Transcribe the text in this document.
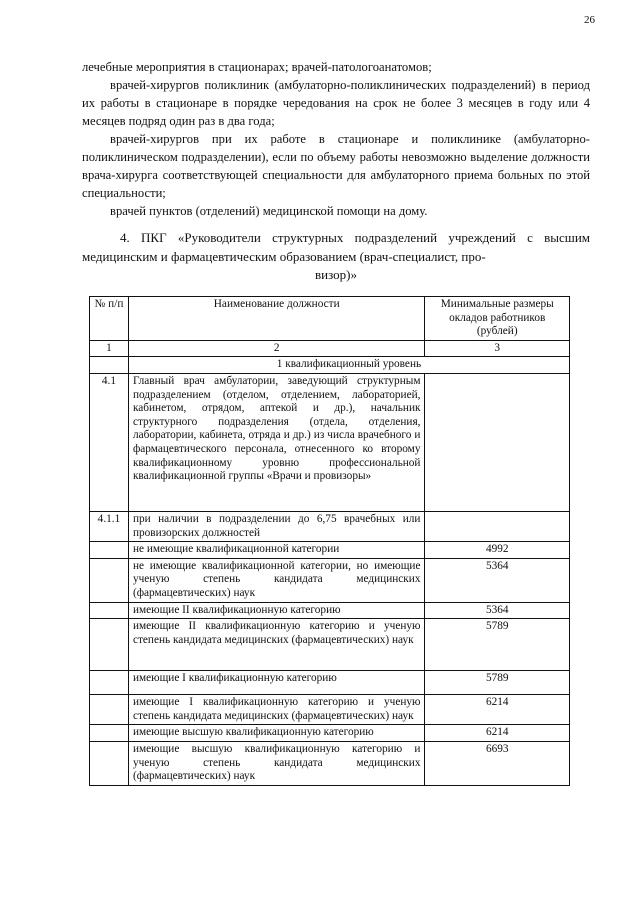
26

лечебные мероприятия в стационарах; врачей-патологоанатомов;

врачей-хирургов поликлиник (амбулаторно-поликлинических подразделений) в период их работы в стационаре в порядке чередования на срок не более 3 месяцев в году или 4 месяцев подряд один раз в два года;

врачей-хирургов при их работе в стационаре и поликлинике (амбулаторно-поликлиническом подразделении), если по объему работы невозможно выделение должности врача-хирурга соответствующей специальности для амбулаторного приема больных по этой специальности;

врачей пунктов (отделений) медицинской помощи на дому.

4. ПКГ «Руководители структурных подразделений учреждений с высшим медицинским и фармацевтическим образованием (врач-специалист, про-
визор)»

№ п/п	Наименование должности	Минимальные размеры окладов работников (рублей)
1	2	3
	1 квалификационный уровень	
4.1	Главный врач амбулатории, заведующий структурным подразделением (отделом, отделением, лабораторией, кабинетом, отрядом, аптекой и др.), начальник структурного подразделения (отдела, отделения, лаборатории, кабинета, отряда и др.) из числа врачебного и фармацевтического персонала, отнесенного ко второму квалификационному уровню профессиональной квалификационной группы «Врачи и провизоры»	
4.1.1	при наличии в подразделении до 6,75 врачебных или провизорских должностей	
	не имеющие квалификационной категории	4992
	не имеющие квалификационной категории, но имеющие ученую степень кандидата медицинских (фармацевтических) наук	5364
	имеющие II квалификационную категорию	5364
	имеющие II квалификационную категорию и ученую степень кандидата медицинских (фармацевтических) наук	5789
	имеющие I квалификационную категорию	5789
	имеющие I квалификационную категорию и ученую степень кандидата медицинских (фармацевтических) наук	6214
	имеющие высшую квалификационную категорию	6214
	имеющие высшую квалификационную категорию и ученую степень кандидата медицинских (фармацевтических) наук	6693
